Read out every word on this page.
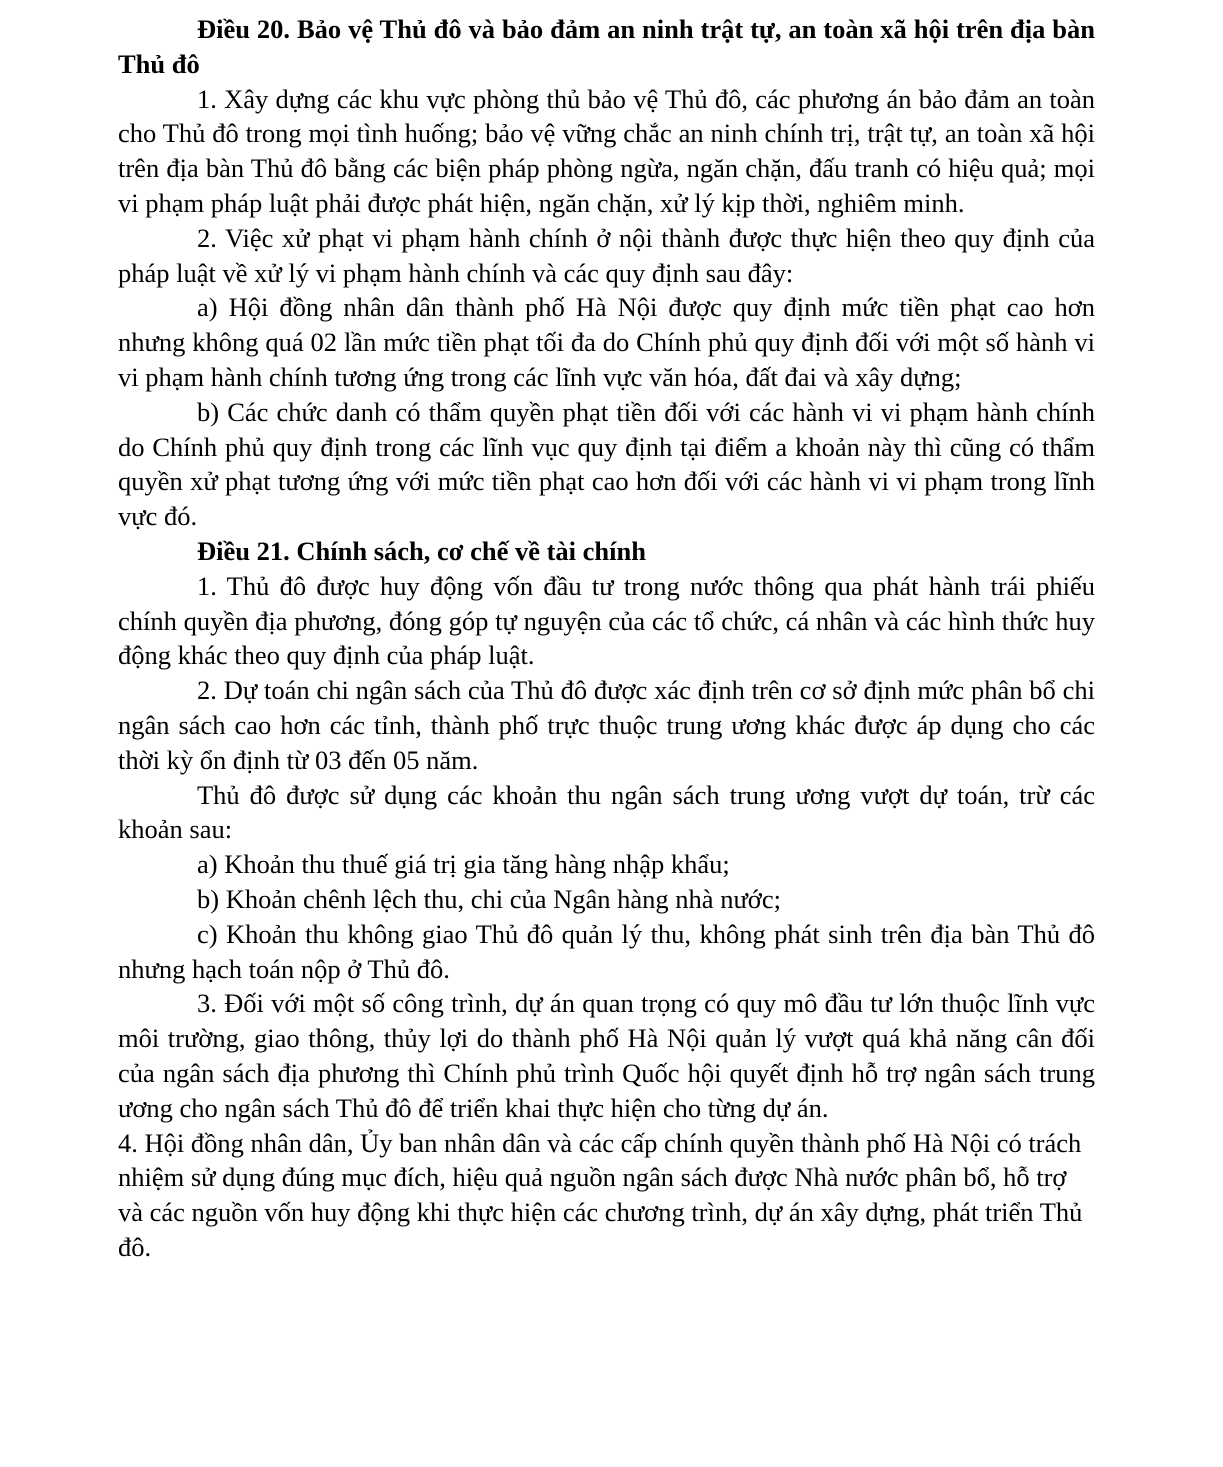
Điều 20. Bảo vệ Thủ đô và bảo đảm an ninh trật tự, an toàn xã hội trên địa bàn Thủ đô

1. Xây dựng các khu vực phòng thủ bảo vệ Thủ đô, các phương án bảo đảm an toàn cho Thủ đô trong mọi tình huống; bảo vệ vững chắc an ninh chính trị, trật tự, an toàn xã hội trên địa bàn Thủ đô bằng các biện pháp phòng ngừa, ngăn chặn, đấu tranh có hiệu quả; mọi vi phạm pháp luật phải được phát hiện, ngăn chặn, xử lý kịp thời, nghiêm minh.

2. Việc xử phạt vi phạm hành chính ở nội thành được thực hiện theo quy định của pháp luật về xử lý vi phạm hành chính và các quy định sau đây:

a) Hội đồng nhân dân thành phố Hà Nội được quy định mức tiền phạt cao hơn nhưng không quá 02 lần mức tiền phạt tối đa do Chính phủ quy định đối với một số hành vi vi phạm hành chính tương ứng trong các lĩnh vực văn hóa, đất đai và xây dựng;

b) Các chức danh có thẩm quyền phạt tiền đối với các hành vi vi phạm hành chính do Chính phủ quy định trong các lĩnh vục quy định tại điểm a khoản này thì cũng có thẩm quyền xử phạt tương ứng với mức tiền phạt cao hơn đối với các hành vi vi phạm trong lĩnh vực đó.

Điều 21. Chính sách, cơ chế về tài chính

1. Thủ đô được huy động vốn đầu tư trong nước thông qua phát hành trái phiếu chính quyền địa phương, đóng góp tự nguyện của các tổ chức, cá nhân và các hình thức huy động khác theo quy định của pháp luật.

2. Dự toán chi ngân sách của Thủ đô được xác định trên cơ sở định mức phân bổ chi ngân sách cao hơn các tỉnh, thành phố trực thuộc trung ương khác được áp dụng cho các thời kỳ ổn định từ 03 đến 05 năm.

Thủ đô được sử dụng các khoản thu ngân sách trung ương vượt dự toán, trừ các khoản sau:

a) Khoản thu thuế giá trị gia tăng hàng nhập khẩu;

b) Khoản chênh lệch thu, chi của Ngân hàng nhà nước;

c) Khoản thu không giao Thủ đô quản lý thu, không phát sinh trên địa bàn Thủ đô nhưng hạch toán nộp ở Thủ đô.

3. Đối với một số công trình, dự án quan trọng có quy mô đầu tư lớn thuộc lĩnh vực môi trường, giao thông, thủy lợi do thành phố Hà Nội quản lý vượt quá khả năng cân đối của ngân sách địa phương thì Chính phủ trình Quốc hội quyết định hỗ trợ ngân sách trung ương cho ngân sách Thủ đô để triển khai thực hiện cho từng dự án.

4. Hội đồng nhân dân, Ủy ban nhân dân và các cấp chính quyền thành phố Hà Nội có trách nhiệm sử dụng đúng mục đích, hiệu quả nguồn ngân sách được Nhà nước phân bổ, hỗ trợ và các nguồn vốn huy động khi thực hiện các chương trình, dự án xây dựng, phát triển Thủ đô.
